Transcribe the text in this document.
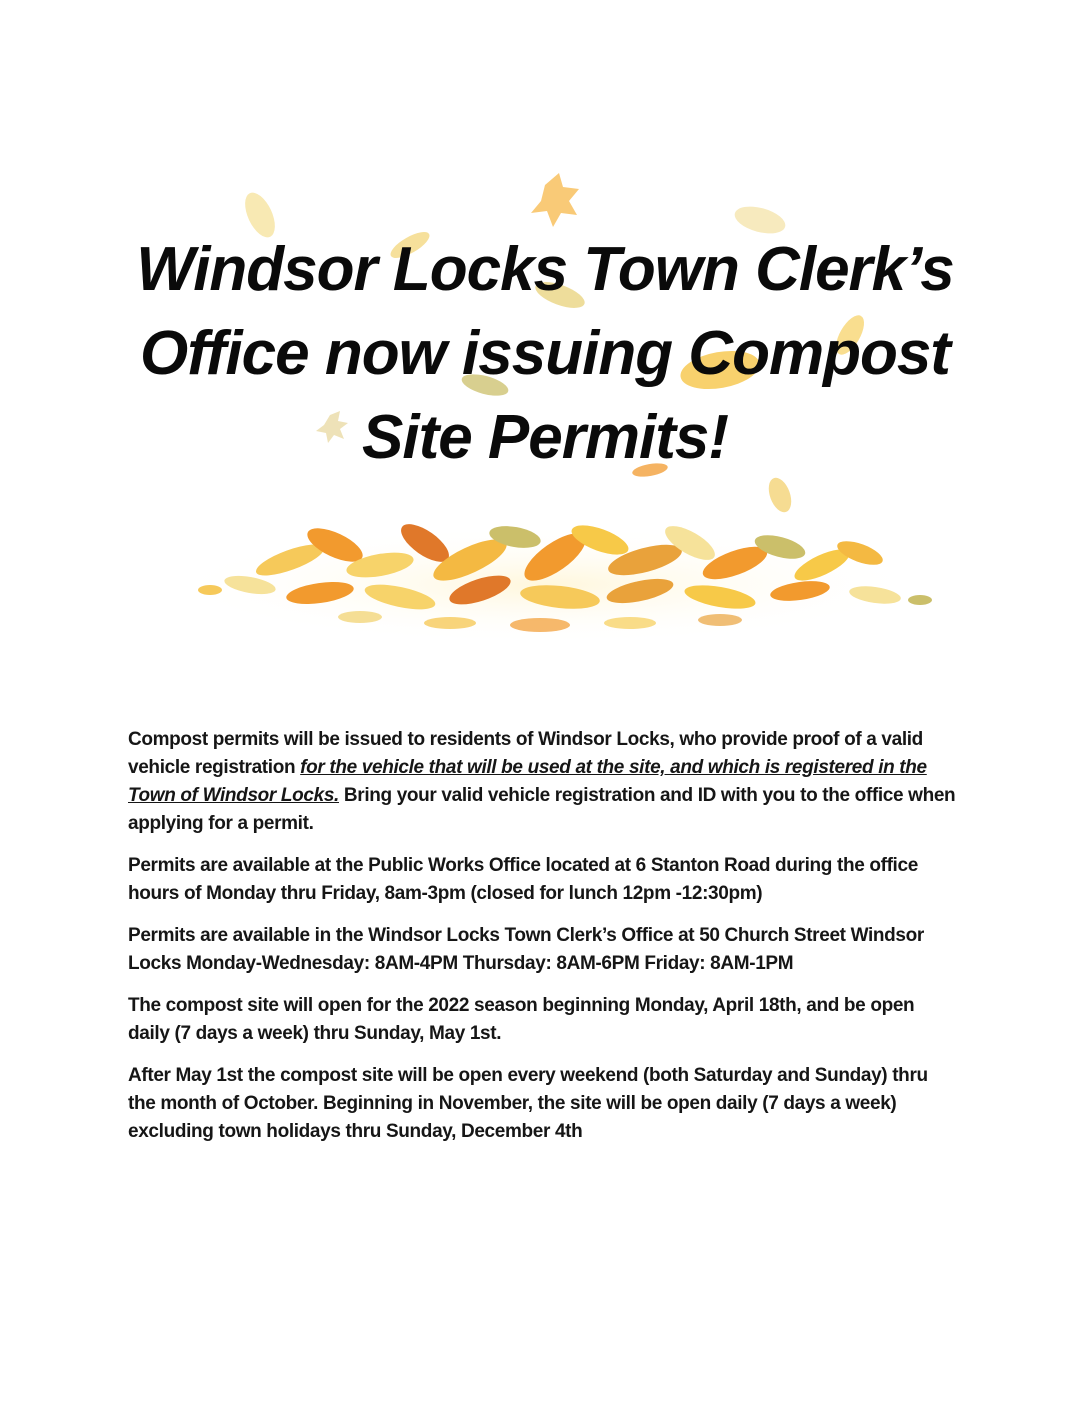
Windsor Locks Town Clerk’s
Office now issuing Compost
Site Permits!

Compost permits will be issued to residents of Windsor Locks, who provide proof of a valid vehicle registration for the vehicle that will be used at the site, and which is registered in the Town of Windsor Locks. Bring your valid vehicle registration and ID with you to the office when applying for a permit.

Permits are available at the Public Works Office located at 6 Stanton Road during the office hours of Monday thru Friday, 8am-3pm (closed for lunch 12pm -12:30pm)

Permits are available in the Windsor Locks Town Clerk’s Office at 50 Church Street Windsor Locks Monday-Wednesday: 8AM-4PM Thursday: 8AM-6PM Friday: 8AM-1PM

The compost site will open for the 2022 season beginning Monday, April 18th, and be open daily (7 days a week) thru Sunday, May 1st.

After May 1st the compost site will be open every weekend (both Saturday and Sunday) thru the month of October. Beginning in November, the site will be open daily (7 days a week) excluding town holidays thru Sunday, December 4th
